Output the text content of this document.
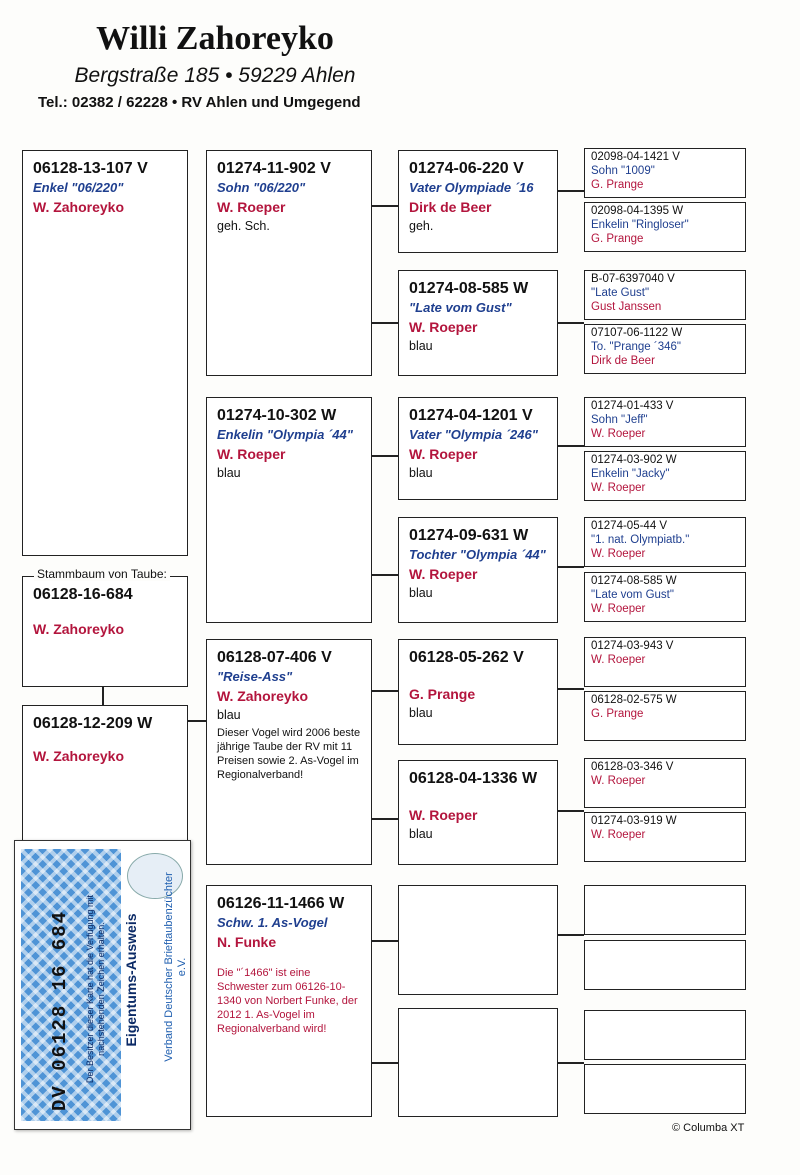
Willi Zahoreyko
Bergstraße 185 • 59229 Ahlen
Tel.: 02382 / 62228 • RV Ahlen und Umgegend
06128-13-107 V
Enkel "06/220"
W. Zahoreyko
06128-16-684
W. Zahoreyko
Stammbaum von Taube:
06128-12-209 W
W. Zahoreyko
01274-11-902 V
Sohn "06/220"
W. Roeper
geh. Sch.
01274-10-302 W
Enkelin "Olympia ´44"
W. Roeper
blau
06128-07-406 V
"Reise-Ass"
W. Zahoreyko
blau
Dieser Vogel wird 2006 beste jährige Taube der RV mit 11 Preisen sowie 2. As-Vogel im Regionalverband!
06126-11-1466 W
Schw. 1. As-Vogel
N. Funke
Die "´1466" ist eine Schwester zum 06126-10-1340 von Norbert Funke, der 2012 1. As-Vogel im Regionalverband wird!
01274-06-220 V
Vater Olympiade ´16
Dirk de Beer
geh.
01274-08-585 W
"Late vom Gust"
W. Roeper
blau
01274-04-1201 V
Vater "Olympia ´246"
W. Roeper
blau
01274-09-631 W
Tochter "Olympia ´44"
W. Roeper
blau
06128-05-262 V
G. Prange
blau
06128-04-1336 W
W. Roeper
blau
02098-04-1421 V
Sohn "1009"
G. Prange
02098-04-1395 W
Enkelin "Ringloser"
G. Prange
B-07-6397040 V
"Late Gust"
Gust Janssen
07107-06-1122 W
To. "Prange ´346"
Dirk de Beer
01274-01-433 V
Sohn "Jeff"
W. Roeper
01274-03-902 W
Enkelin "Jacky"
W. Roeper
01274-05-44 V
"1. nat. Olympiatb."
W. Roeper
01274-08-585 W
"Late vom Gust"
W. Roeper
01274-03-943 V
W. Roeper
06128-02-575 W
G. Prange
06128-03-346 V
W. Roeper
01274-03-919 W
W. Roeper
Verband Deutscher Brieftaubenzüchter e.V.
Eigentums-Ausweis
Der Besitzer dieser Karte hat die Verfügung mit nachstehenden Zeichen erhalten.
DV 06128 16 684
© Columba XT
